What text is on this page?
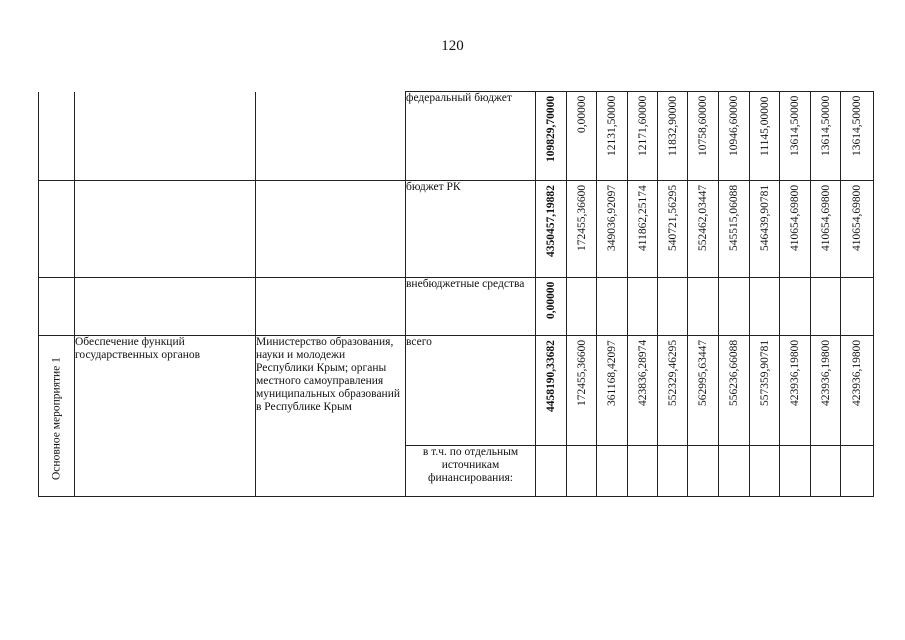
120
			федеральный бюджет	109829,70000	0,00000	12131,50000	12171,60000	11832,90000	10758,60000	10946,60000	11145,00000	13614,50000	13614,50000	13614,50000

			бюджет РК	4350457,19882	172455,36600	349036,92097	411862,25174	540721,56295	552462,03447	545515,06088	546439,90781	410654,69800	410654,69800	410654,69800

			внебюджетные средства	0,00000										

Основное мероприятие 1	Обеспечение функций государственных органов	Министерство образования, науки и молодежи Республики Крым; органы местного самоуправления муниципальных образований в Республике Крым	всего	4458190,33682	172455,36600	361168,42097	423836,28974	552329,46295	562995,63447	556236,66088	557359,90781	423936,19800	423936,19800	423936,19800

			в т.ч. по отдельным источникам финансирования:											
